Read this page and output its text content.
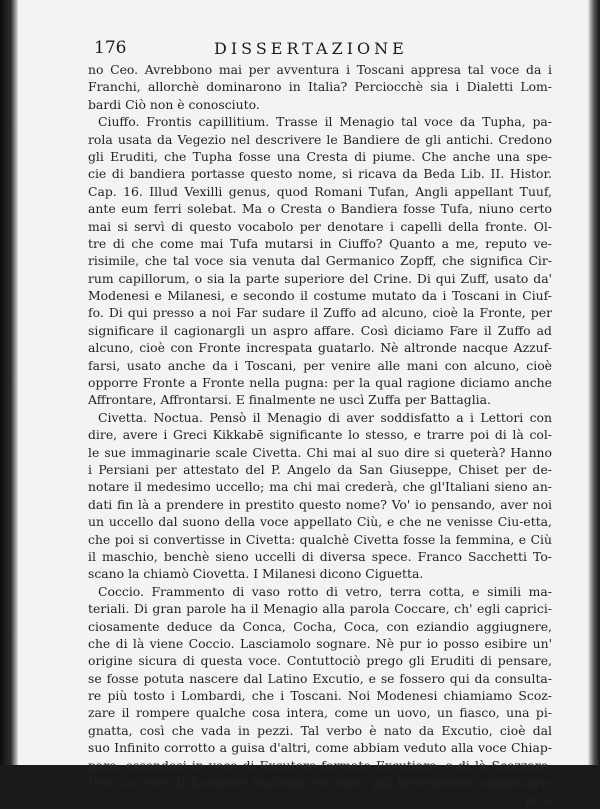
176	DISSERTAZIONE
no Ceo. Avrebbono mai per avventura i Toscani appresa tal voce da i
Franchi, allorchè dominarono in Italia? Perciocchè sia i Dialetti Lom-
bardi Ciò non è conosciuto.
Ciuffo. Frontis capillitium. Trasse il Menagio tal voce da Tupha, pa-
rola usata da Vegezio nel descrivere le Bandiere de gli antichi. Credono
gli Eruditi, che Tupha fosse una Cresta di piume. Che anche una spe-
cie di bandiera portasse questo nome, si ricava da Beda Lib. II. Histor.
Cap. 16. Illud Vexilli genus, quod Romani Tufan, Angli appellant Tuuf,
ante eum ferri solebat. Ma o Cresta o Bandiera fosse Tufa, niuno certo
mai si servì di questo vocabolo per denotare i capelli della fronte. Ol-
tre di che come mai Tufa mutarsi in Ciuffo? Quanto a me, reputo ve-
risimile, che tal voce sia venuta dal Germanico Zopff, che significa Cir-
rum capillorum, o sia la parte superiore del Crine. Di qui Zuff, usato da'
Modenesi e Milanesi, e secondo il costume mutato da i Toscani in Ciuf-
fo. Di qui presso a noi Far sudare il Zuffo ad alcuno, cioè la Fronte, per
significare il cagionargli un aspro affare. Così diciamo Fare il Zuffo ad
alcuno, cioè con Fronte increspata guatarlo. Nè altronde nacque Azzuf-
farsi, usato anche da i Toscani, per venire alle mani con alcuno, cioè
opporre Fronte a Fronte nella pugna: per la qual ragione diciamo anche
Affrontare, Affrontarsi. E finalmente ne uscì Zuffa per Battaglia.
Civetta. Noctua. Pensò il Menagio di aver soddisfatto a i Lettori con
dire, avere i Greci Kikkabē significante lo stesso, e trarre poi di là col-
le sue immaginarie scale Civetta. Chi mai al suo dire si queterà? Hanno
i Persiani per attestato del P. Angelo da San Giuseppe, Chiset per de-
notare il medesimo uccello; ma chi mai crederà, che gl'Italiani sieno an-
dati fin là a prendere in prestito questo nome? Vo' io pensando, aver noi
un uccello dal suono della voce appellato Ciù, e che ne venisse Ciu-etta,
che poi si convertisse in Civetta: qualchè Civetta fosse la femmina, e Ciù
il maschio, benchè sieno uccelli di diversa spece. Franco Sacchetti To-
scano la chiamò Ciovetta. I Milanesi dicono Ciguetta.
Coccio. Frammento di vaso rotto di vetro, terra cotta, e simili ma-
teriali. Di gran parole ha il Menagio alla parola Coccare, ch' egli caprici-
ciosamente deduce da Conca, Cocha, Coca, con eziandio aggiugnere,
che di là viene Coccio. Lasciamolo sognare. Nè pur io posso esibire un'
origine sicura di questa voce. Contuttociò prego gli Eruditi di pensare,
se fosse potuta nascere dal Latino Excutio, e se fossero qui da consulta-
re più tosto i Lombardi, che i Toscani. Noi Modenesi chiamiamo Scoz-
zare il rompere qualche cosa intera, come un uovo, un fiasco, una pi-
gnatta, così che vada in pezzi. Tal verbo è nato da Excutio, cioè dal
suo Infinito corrotto a guisa d'altri, come abbiam veduto alla voce Chiap-
pare, essendosi in vece di Excutere formato Excutiare, e di là Scozzare.
Però in vece di Excutere nucleum ex nuce, più brevemente cominciaro-
no a
